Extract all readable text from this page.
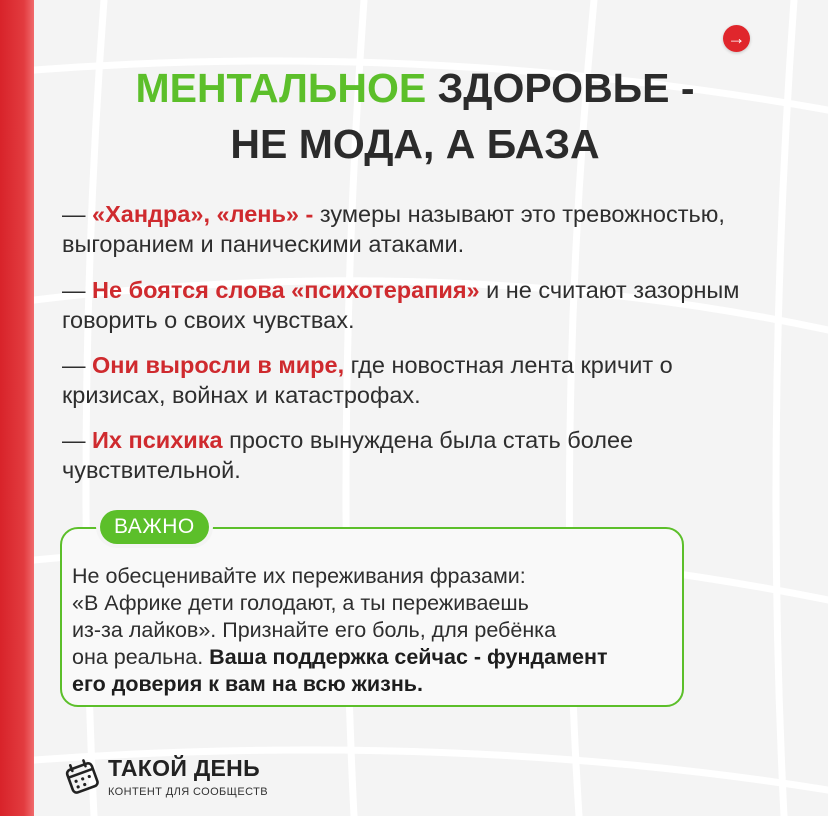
→
МЕНТАЛЬНОЕ ЗДОРОВЬЕ -
НЕ МОДА, А БАЗА
— «Хандра», «лень» - зумеры называют это тревожностью, выгоранием и паническими атаками.
— Не боятся слова «психотерапия» и не считают зазорным говорить о своих чувствах.
— Они выросли в мире, где новостная лента кричит о кризисах, войнах и катастрофах.
— Их психика просто вынуждена была стать более чувствительной.
ВАЖНО
Не обесценивайте их переживания фразами:
«В Африке дети голодают, а ты переживаешь
из-за лайков». Признайте его боль, для ребёнка
она реальна. Ваша поддержка сейчас - фундамент
его доверия к вам на всю жизнь.
ТАКОЙ ДЕНЬ
КОНТЕНТ ДЛЯ СООБЩЕСТВ
